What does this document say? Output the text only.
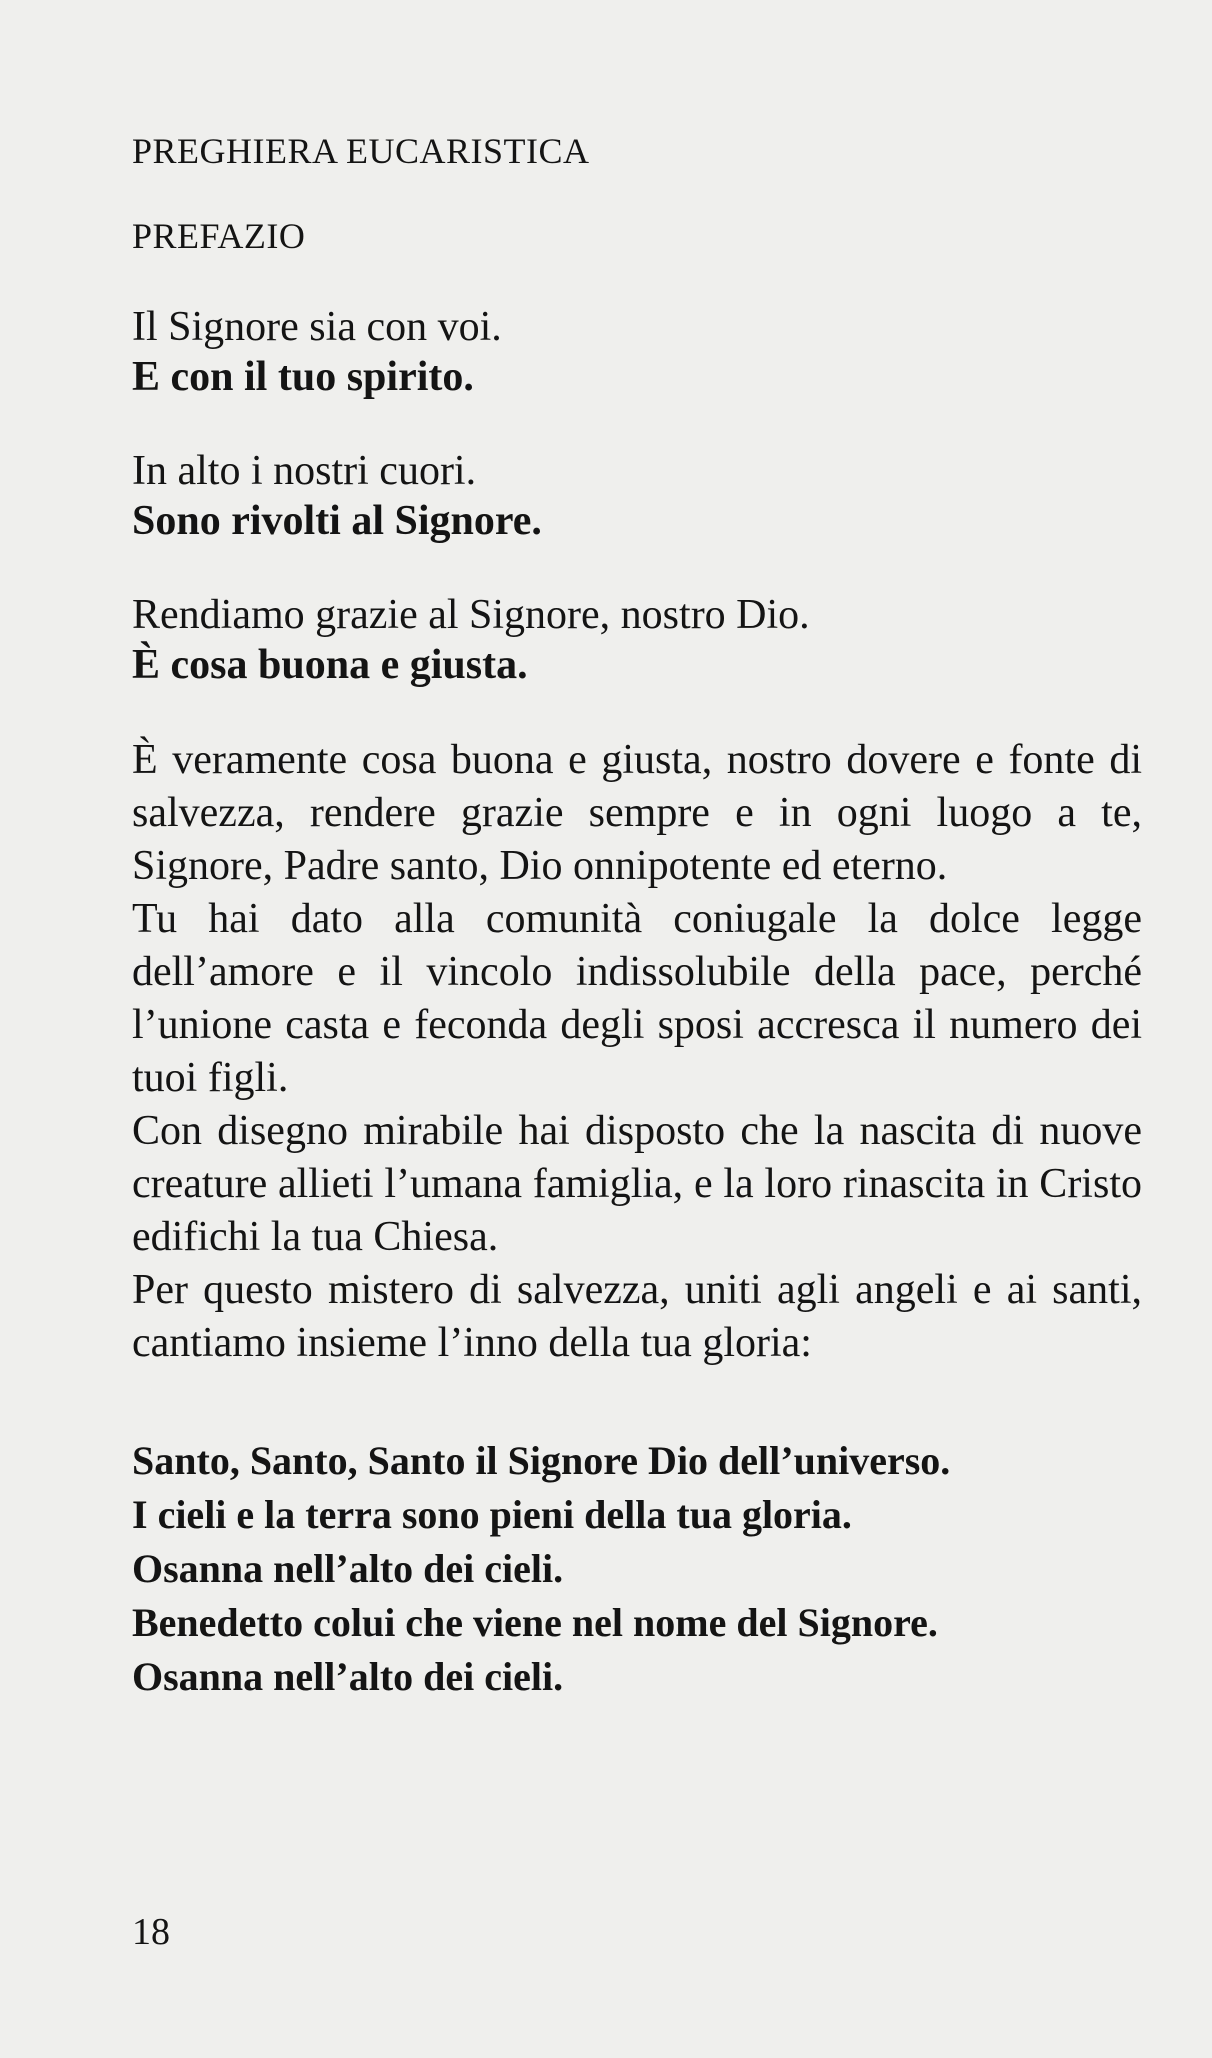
PREGHIERA EUCARISTICA
PREFAZIO
Il Signore sia con voi.
E con il tuo spirito.
In alto i nostri cuori.
Sono rivolti al Signore.
Rendiamo grazie al Signore, nostro Dio.
È cosa buona e giusta.

È veramente cosa buona e giusta, nostro dovere e fonte di salvezza, rendere grazie sempre e in ogni luogo a te, Signore, Padre santo, Dio onnipotente ed eterno.

Tu hai dato alla comunità coniugale la dolce legge dell’amore e il vincolo indissolubile della pace, perché l’unione casta e feconda degli sposi accresca il numero dei tuoi figli.

Con disegno mirabile hai disposto che la nascita di nuove creature allieti l’umana famiglia, e la loro rinascita in Cristo edifichi la tua Chiesa.

Per questo mistero di salvezza, uniti agli angeli e ai santi, cantiamo insieme l’inno della tua gloria:

Santo, Santo, Santo il Signore Dio dell’universo.
I cieli e la terra sono pieni della tua gloria.
Osanna nell’alto dei cieli.
Benedetto colui che viene nel nome del Signore.
Osanna nell’alto dei cieli.
18
